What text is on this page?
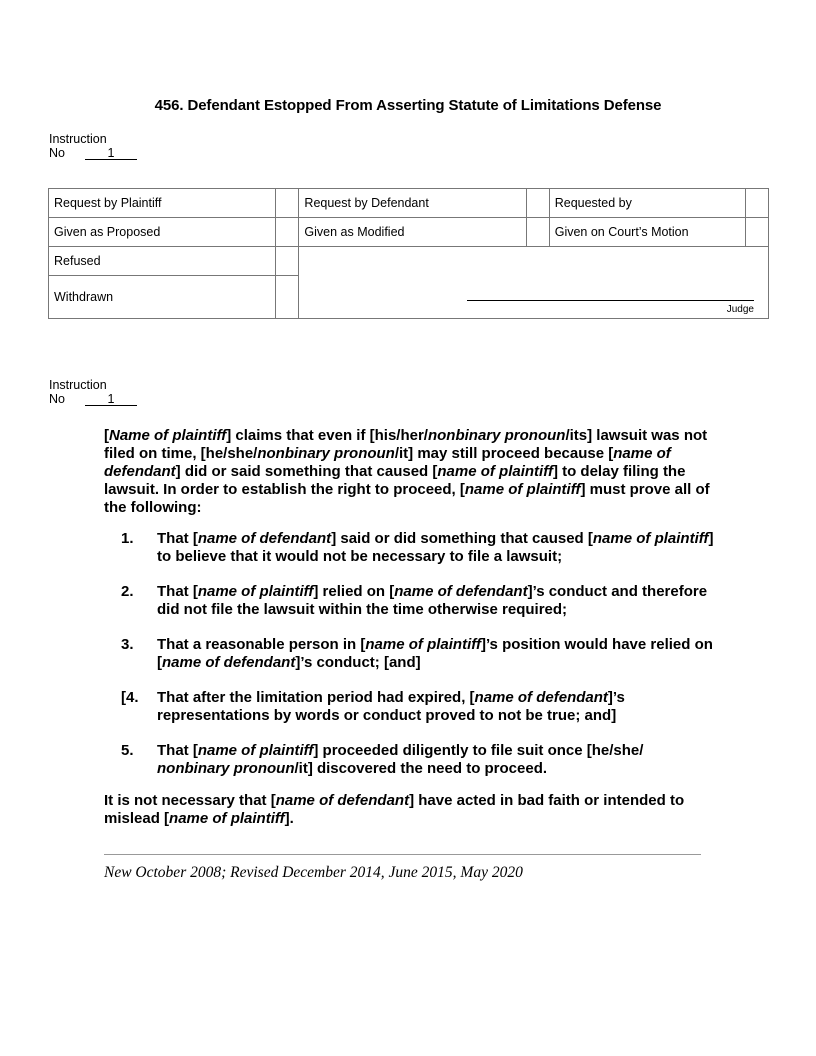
456. Defendant Estopped From Asserting Statute of Limitations Defense
Instruction
No	1
Request by Plaintiff		Request by Defendant		Requested by	
Given as Proposed		Given as Modified		Given on Court’s Motion	
Refused		Judge			

Withdrawn					
Instruction
No	1

[Name of plaintiff] claims that even if [his/her/nonbinary pronoun/its] lawsuit was not filed on time, [he/she/nonbinary pronoun/it] may still proceed because [name of defendant] did or said something that caused [name of plaintiff] to delay filing the lawsuit. In order to establish the right to proceed, [name of plaintiff] must prove all of the following:

1. That [name of defendant] said or did something that caused [name of plaintiff] to believe that it would not be necessary to file a lawsuit;
2. That [name of plaintiff] relied on [name of defendant]’s conduct and therefore did not file the lawsuit within the time otherwise required;
3. That a reasonable person in [name of plaintiff]’s position would have relied on [name of defendant]’s conduct; [and]
[4. That after the limitation period had expired, [name of defendant]’s representations by words or conduct proved to not be true; and]
5. That [name of plaintiff] proceeded diligently to file suit once [he/she/ nonbinary pronoun/it] discovered the need to proceed.

It is not necessary that [name of defendant] have acted in bad faith or intended to mislead [name of plaintiff].

New October 2008; Revised December 2014, June 2015, May 2020
